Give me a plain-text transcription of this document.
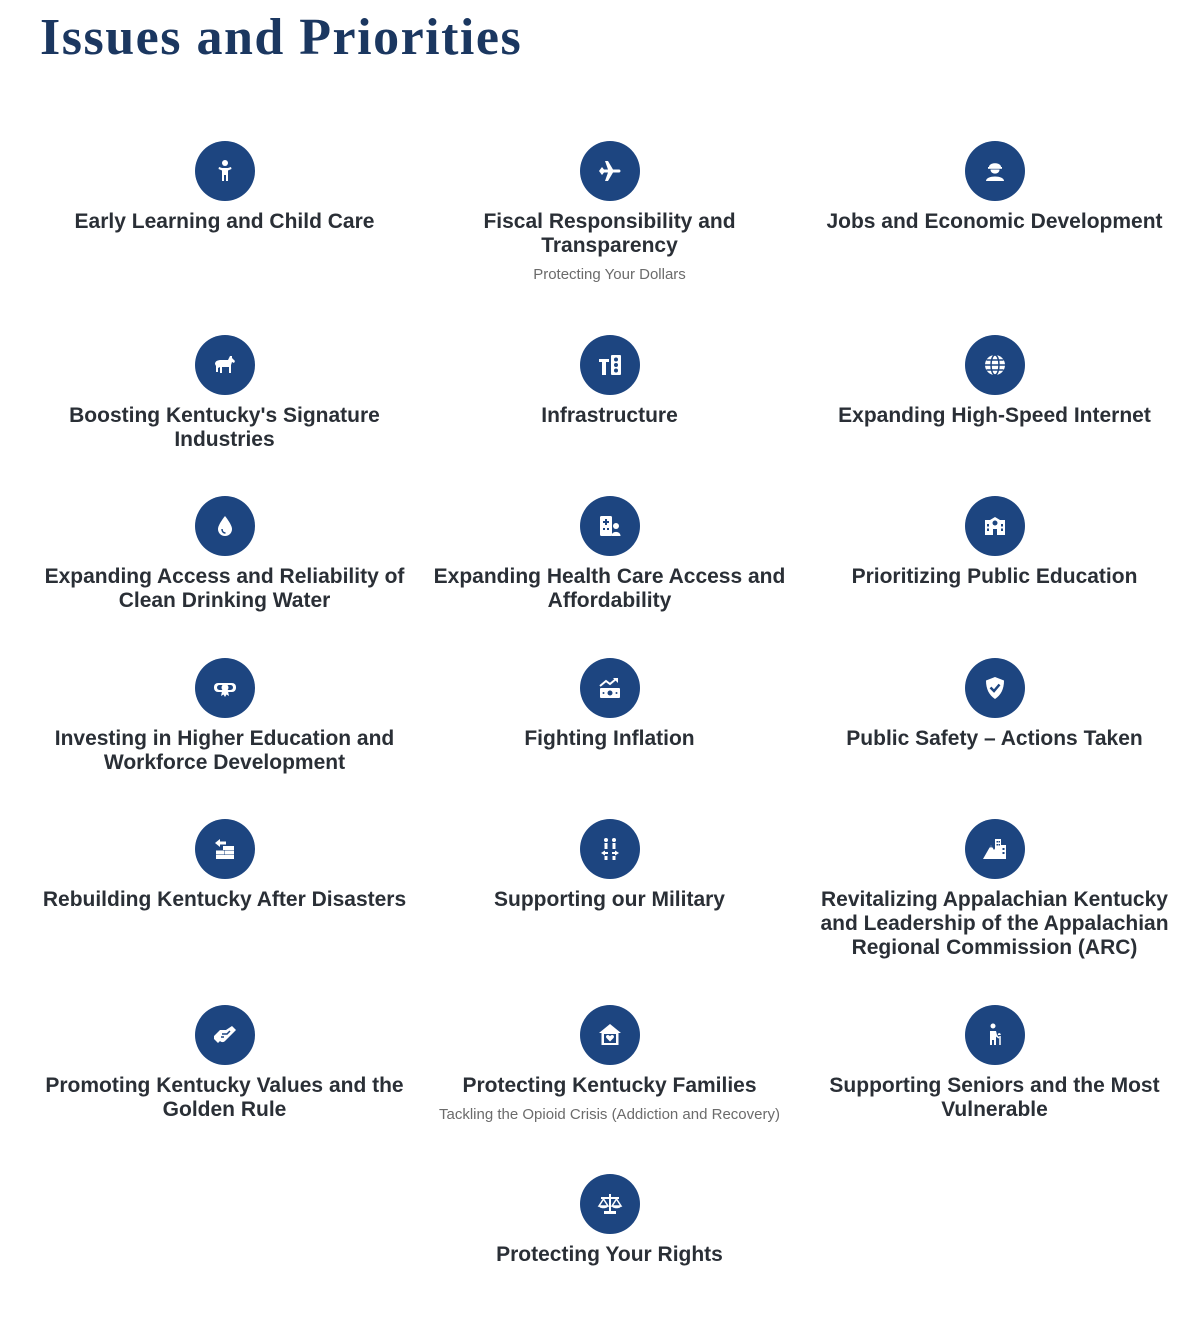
Issues and Priorities
Early Learning and Child Care	Fiscal Responsibility and Transparency
Protecting Your Dollars
Jobs and Economic Development
Boosting Kentucky's Signature Industries
Infrastructure	Expanding High-Speed Internet
Expanding Access and Reliability of Clean Drinking Water
Expanding Health Care Access and Affordability
Prioritizing Public Education
Investing in Higher Education and Workforce Development
Fighting Inflation	Public Safety – Actions Taken
Rebuilding Kentucky After Disasters	Supporting our Military	Revitalizing Appalachian Kentucky and Leadership of the Appalachian Regional Commission (ARC)
Promoting Kentucky Values and the Golden Rule
Protecting Kentucky Families
Tackling the Opioid Crisis (Addiction and Recovery)
Supporting Seniors and the Most Vulnerable
Protecting Your Rights
